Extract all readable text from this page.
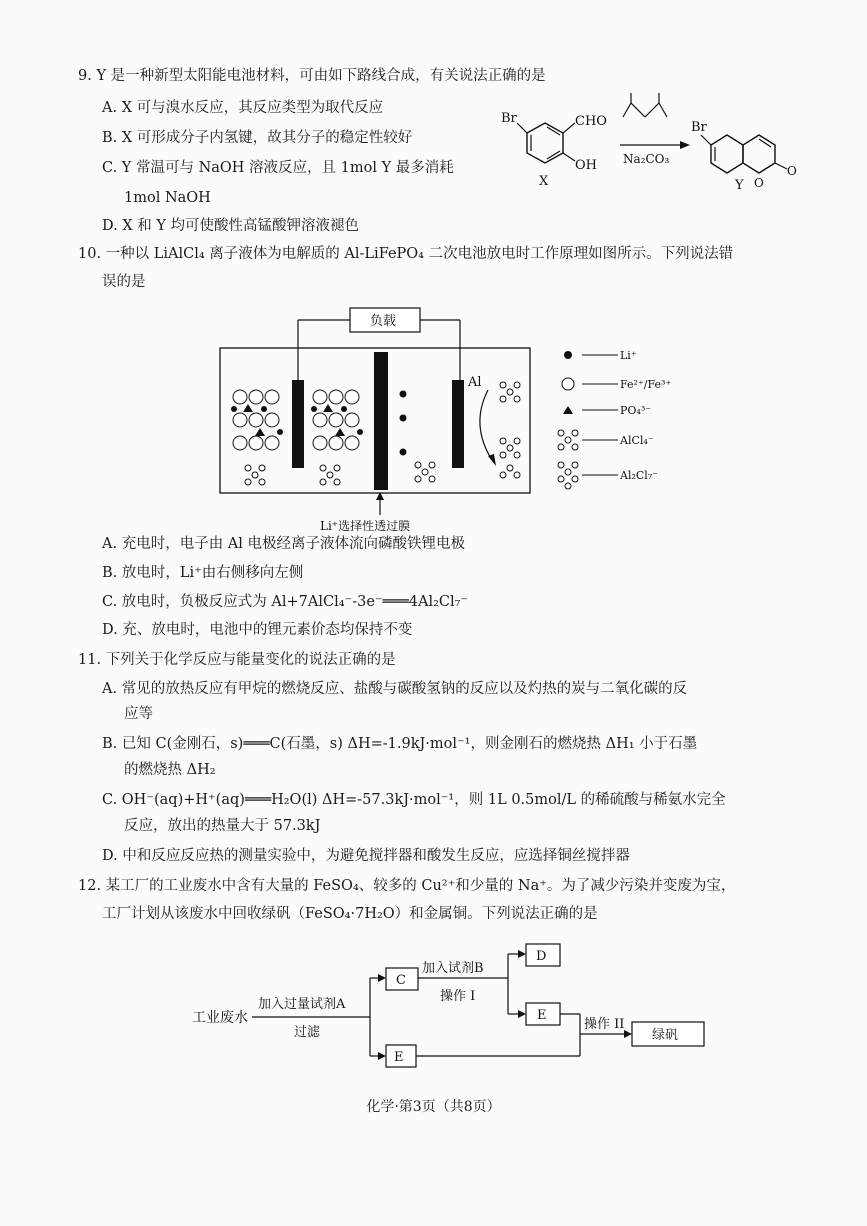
9. Y 是一种新型太阳能电池材料，可由如下路线合成，有关说法正确的是
A. X 可与溴水反应，其反应类型为取代反应
B. X 可形成分子内氢键，故其分子的稳定性较好
C. Y 常温可与 NaOH 溶液反应，且 1mol Y 最多消耗
1mol NaOH
D. X 和 Y 均可使酸性高锰酸钾溶液褪色
Br	CHO
OH
X
Na₂CO₃
Br
O
O
Y
10. 一种以 LiAlCl₄ 离子液体为电解质的 Al-LiFePO₄ 二次电池放电时工作原理如图所示。下列说法错
误的是
负载
Al
Li⁺选择性透过膜
Li⁺
Fe²⁺/Fe³⁺
PO₄³⁻
AlCl₄⁻
Al₂Cl₇⁻
A. 充电时，电子由 Al 电极经离子液体流向磷酸铁锂电极
B. 放电时，Li⁺由右侧移向左侧
C. 放电时，负极反应式为 Al+7AlCl₄⁻-3e⁻═══4Al₂Cl₇⁻
D. 充、放电时，电池中的锂元素价态均保持不变
11. 下列关于化学反应与能量变化的说法正确的是
A. 常见的放热反应有甲烷的燃烧反应、盐酸与碳酸氢钠的反应以及灼热的炭与二氧化碳的反
应等
B. 已知 C(金刚石，s)═══C(石墨，s) ΔH=-1.9kJ·mol⁻¹，则金刚石的燃烧热 ΔH₁ 小于石墨
的燃烧热 ΔH₂
C. OH⁻(aq)+H⁺(aq)═══H₂O(l) ΔH=-57.3kJ·mol⁻¹，则 1L 0.5mol/L 的稀硫酸与稀氨水完全
反应，放出的热量大于 57.3kJ
D. 中和反应反应热的测量实验中，为避免搅拌器和酸发生反应，应选择铜丝搅拌器
12. 某工厂的工业废水中含有大量的 FeSO₄、较多的 Cu²⁺和少量的 Na⁺。为了减少污染并变废为宝，
工厂计划从该废水中回收绿矾（FeSO₄·7H₂O）和金属铜。下列说法正确的是
工业废水
加入过量试剂A
过滤
C
加入试剂B
操作 I
D
E
操作 II
绿矾
E
化学·第3页（共8页）
